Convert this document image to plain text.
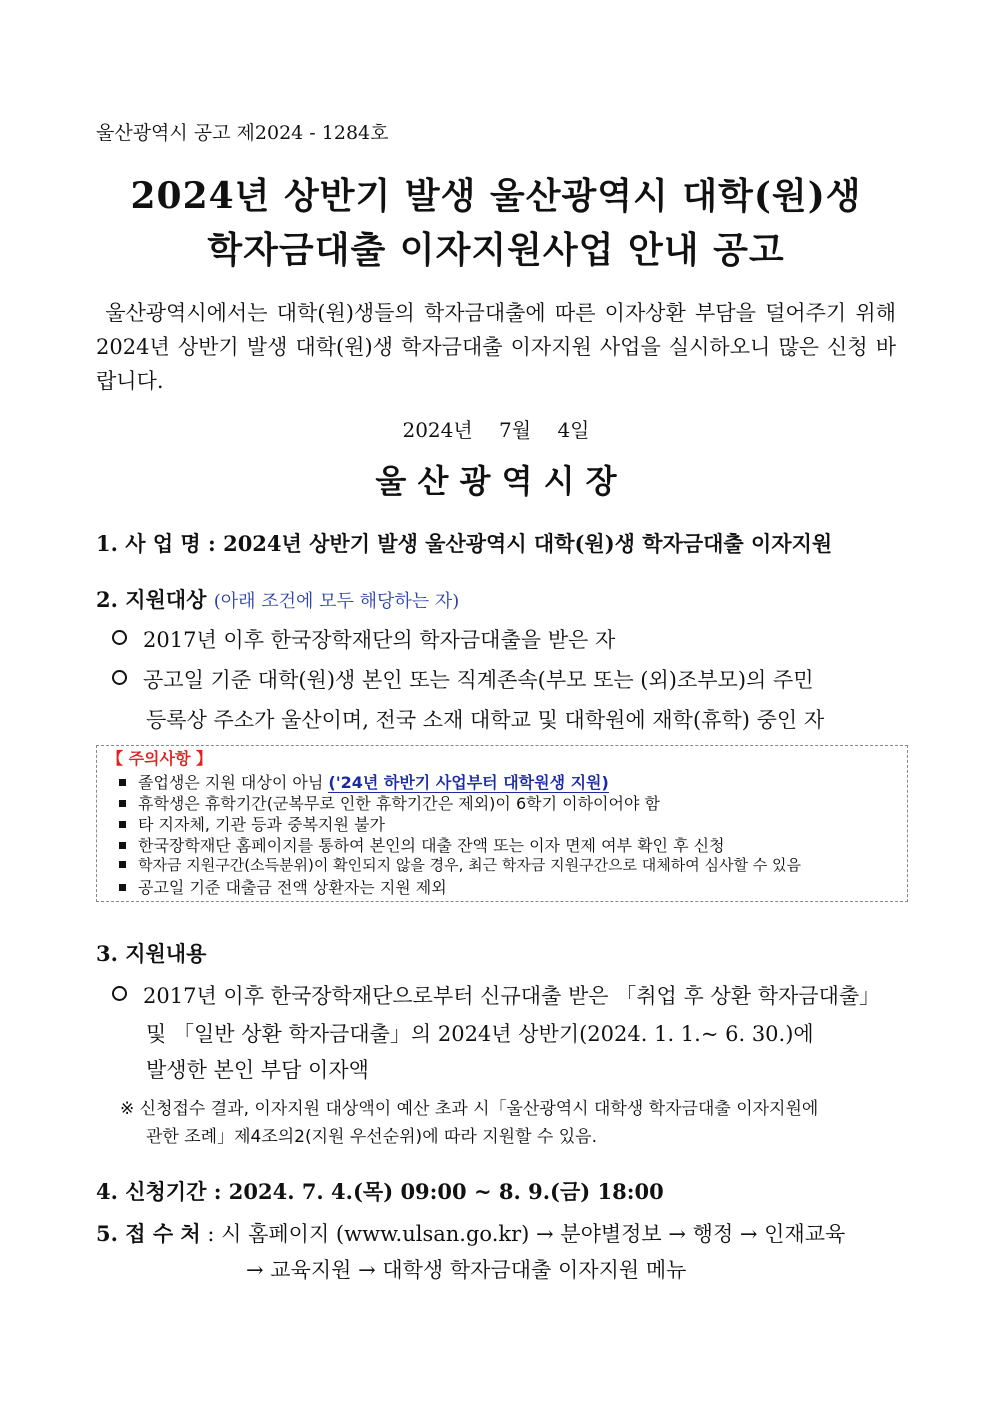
울산광역시 공고 제2024 - 1284호
2024년 상반기 발생 울산광역시 대학(원)생
학자금대출 이자지원사업 안내 공고
울산광역시에서는 대학(원)생들의 학자금대출에 따른 이자상환 부담을 덜어주기 위해 2024년 상반기 발생 대학(원)생 학자금대출 이자지원 사업을 실시하오니 많은 신청 바랍니다.
2024년 　7월 　4일
울 산 광 역 시 장
1. 사 업 명 : 2024년 상반기 발생 울산광역시 대학(원)생 학자금대출 이자지원
2. 지원대상 (아래 조건에 모두 해당하는 자)
2017년 이후 한국장학재단의 학자금대출을 받은 자
공고일 기준 대학(원)생 본인 또는 직계존속(부모 또는 (외)조부모)의 주민
등록상 주소가 울산이며, 전국 소재 대학교 및 대학원에 재학(휴학) 중인 자
【 주의사항 】
졸업생은 지원 대상이 아님 ('24년 하반기 사업부터 대학원생 지원)
휴학생은 휴학기간(군복무로 인한 휴학기간은 제외)이 6학기 이하이어야 함
타 지자체, 기관 등과 중복지원 불가
한국장학재단 홈페이지를 통하여 본인의 대출 잔액 또는 이자 면제 여부 확인 후 신청
학자금 지원구간(소득분위)이 확인되지 않을 경우, 최근 학자금 지원구간으로 대체하여 심사할 수 있음
공고일 기준 대출금 전액 상환자는 지원 제외
3. 지원내용
2017년 이후 한국장학재단으로부터 신규대출 받은 「취업 후 상환 학자금대출」
및 「일반 상환 학자금대출」의 2024년 상반기(2024. 1. 1.~ 6. 30.)에
발생한 본인 부담 이자액
※ 신청접수 결과, 이자지원 대상액이 예산 초과 시「울산광역시 대학생 학자금대출 이자지원에
관한 조례」제4조의2(지원 우선순위)에 따라 지원할 수 있음.
4. 신청기간 : 2024. 7. 4.(목) 09:00 ~ 8. 9.(금) 18:00
5. 접 수 처 : 시 홈페이지 (www.ulsan.go.kr) → 분야별정보 → 행정 → 인재교육
→ 교육지원 → 대학생 학자금대출 이자지원 메뉴
